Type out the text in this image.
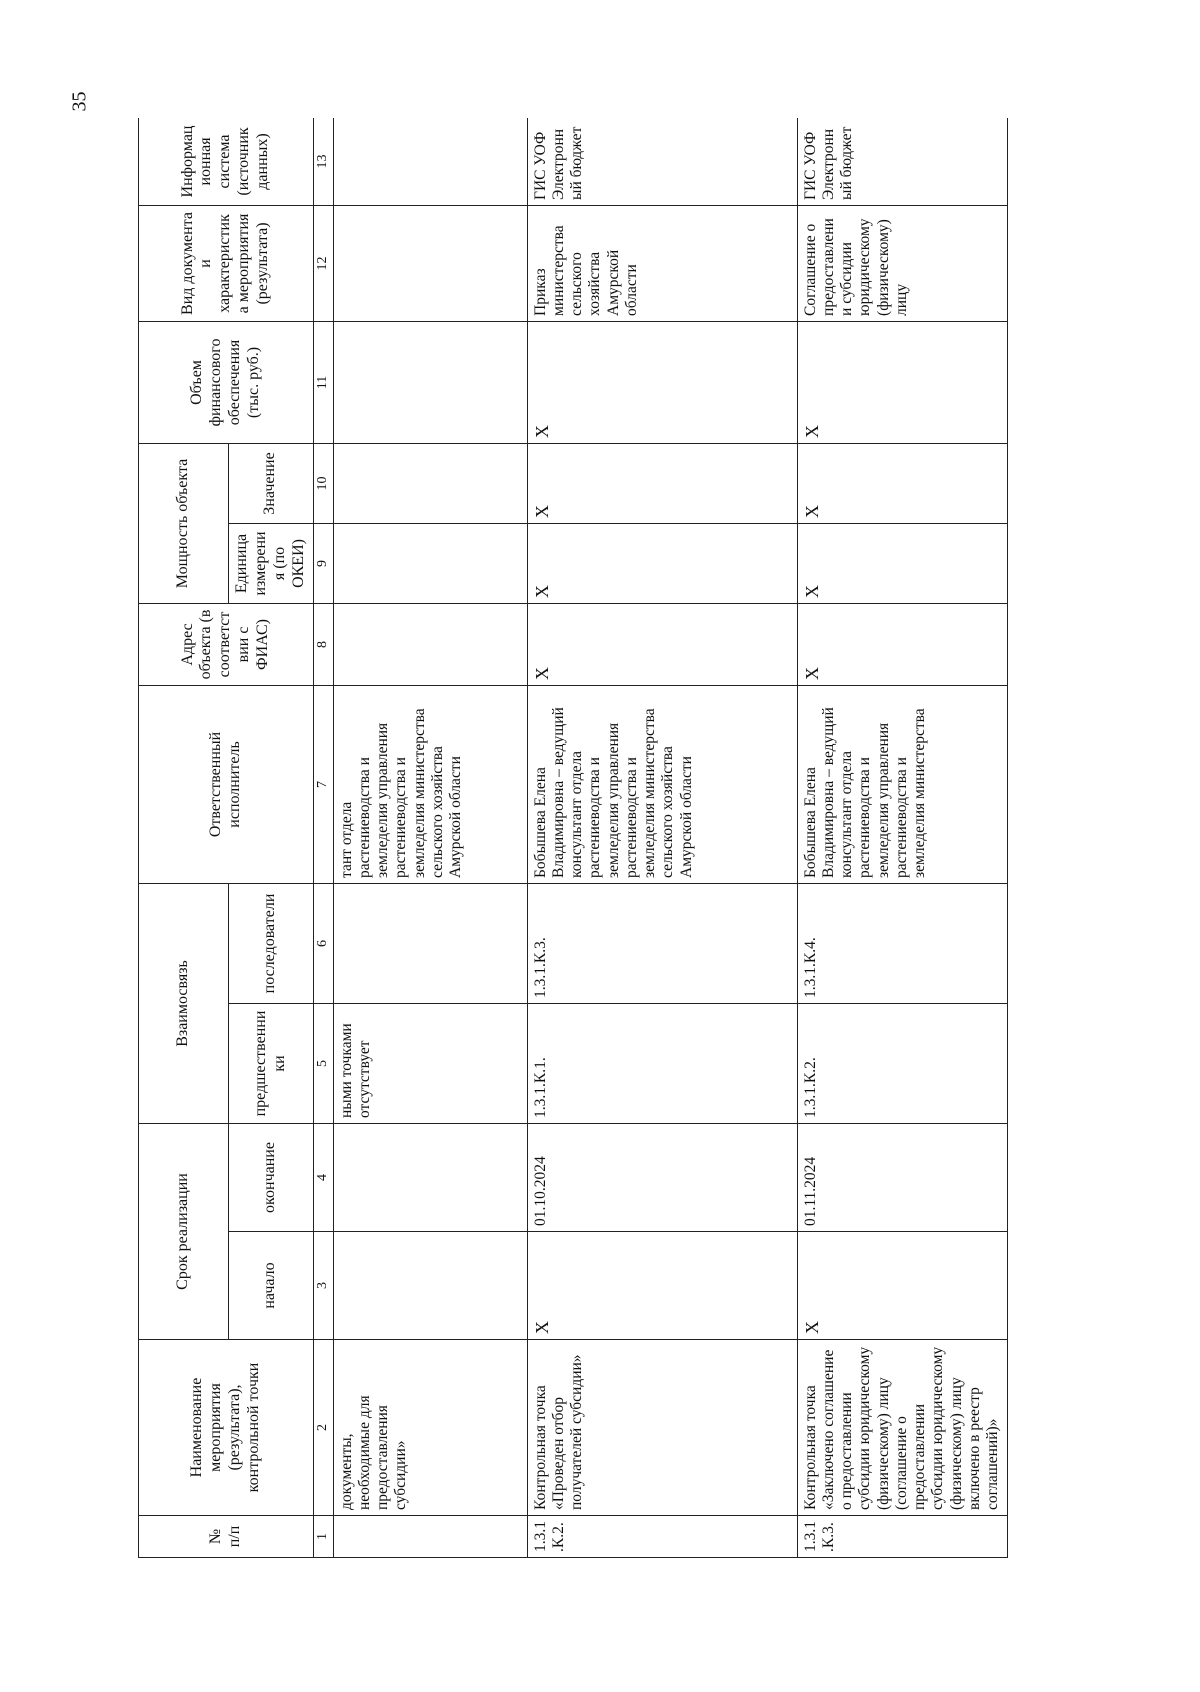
35
№ п/п	Наименование мероприятия (результата), контрольной точки	Срок реализации		Взаимосвязь		Ответственный исполнитель	Адрес объекта (в соответствии с ФИАС)	Мощность объекта		Объем финансового обеспечения (тыс. руб.)	Вид документа и характеристика мероприятия (результата)	Информационная система (источник данных)
		начало	окончание	предшественники	последователи			Единица измерения (по ОКЕИ)	Значение			
1	2	3	4	5	6	7	8	9	10	11	12	13
	документы, необходимые для предоставления субсидии»			ными точками отсутствует		тант отдела растениеводства и земледелия управления растениеводства и земледелия министерства сельского хозяйства Амурской области						
1.3.1.К.2.	Контрольная точка «Проведен отбор получателей субсидии»	X	01.10.2024	1.3.1.К.1.	1.3.1.К.3.	Бобышева Елена Владимировна – ведущий консультант отдела растениеводства и земледелия управления растениеводства и земледелия министерства сельского хозяйства Амурской области	X	X	X	X	Приказ министерства сельского хозяйства Амурской области	ГИС УОФ Электронный бюджет
1.3.1.К.3.	Контрольная точка «Заключено соглашение о предоставлении субсидии юридическому (физическому) лицу (соглашение о предоставлении субсидии юридическому (физическому) лицу включено в реестр соглашений)»	X	01.11.2024	1.3.1.К.2.	1.3.1.К.4.	Бобышева Елена Владимировна – ведущий консультант отдела растениеводства и земледелия управления растениеводства и земледелия министерства	X	X	X	X	Соглашение о предоставлении субсидии юридическому (физическому) лицу	ГИС УОФ Электронный бюджет
